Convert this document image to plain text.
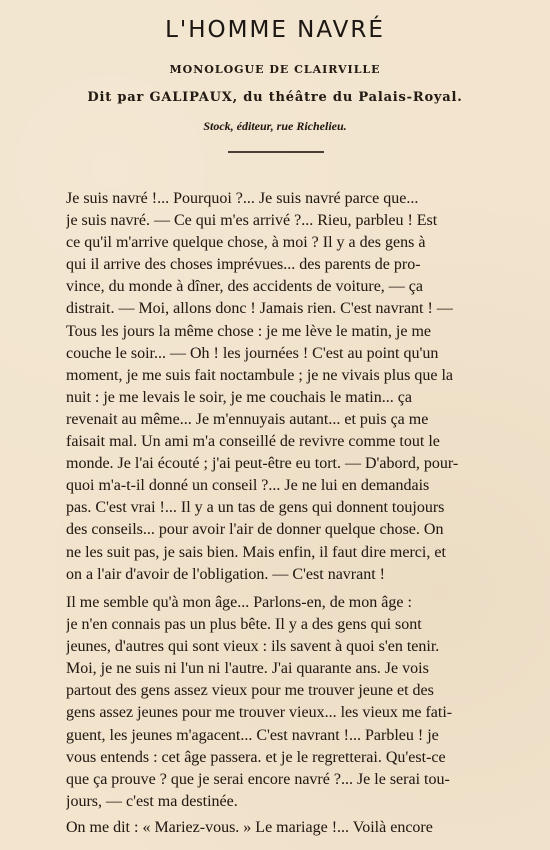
L'HOMME NAVRÉ
MONOLOGUE DE CLAIRVILLE
Dit par GALIPAUX, du théâtre du Palais-Royal.
Stock, éditeur, rue Richelieu.
Je suis navré !... Pourquoi ?... Je suis navré parce que...
je suis navré. — Ce qui m'es arrivé ?... Rieu, parbleu ! Est
ce qu'il m'arrive quelque chose, à moi ? Il y a des gens à
qui il arrive des choses imprévues... des parents de pro-
vince, du monde à dîner, des accidents de voiture, — ça
distrait. — Moi, allons donc ! Jamais rien. C'est navrant ! —
Tous les jours la même chose : je me lève le matin, je me
couche le soir... — Oh ! les journées ! C'est au point qu'un
moment, je me suis fait noctambule ; je ne vivais plus que la
nuit : je me levais le soir, je me couchais le matin... ça
revenait au même... Je m'ennuyais autant... et puis ça me
faisait mal. Un ami m'a conseillé de revivre comme tout le
monde. Je l'ai écouté ; j'ai peut-être eu tort. — D'abord, pour-
quoi m'a-t-il donné un conseil ?... Je ne lui en demandais
pas. C'est vrai !... Il y a un tas de gens qui donnent toujours
des conseils... pour avoir l'air de donner quelque chose. On
ne les suit pas, je sais bien. Mais enfin, il faut dire merci, et
on a l'air d'avoir de l'obligation. — C'est navrant !
Il me semble qu'à mon âge... Parlons-en, de mon âge :
je n'en connais pas un plus bête. Il y a des gens qui sont
jeunes, d'autres qui sont vieux : ils savent à quoi s'en tenir.
Moi, je ne suis ni l'un ni l'autre. J'ai quarante ans. Je vois
partout des gens assez vieux pour me trouver jeune et des
gens assez jeunes pour me trouver vieux... les vieux me fati-
guent, les jeunes m'agacent... C'est navrant !... Parbleu ! je
vous entends : cet âge passera. et je le regretterai. Qu'est-ce
que ça prouve ? que je serai encore navré ?... Je le serai tou-
jours, — c'est ma destinée.
On me dit : « Mariez-vous. » Le mariage !... Voilà encore
